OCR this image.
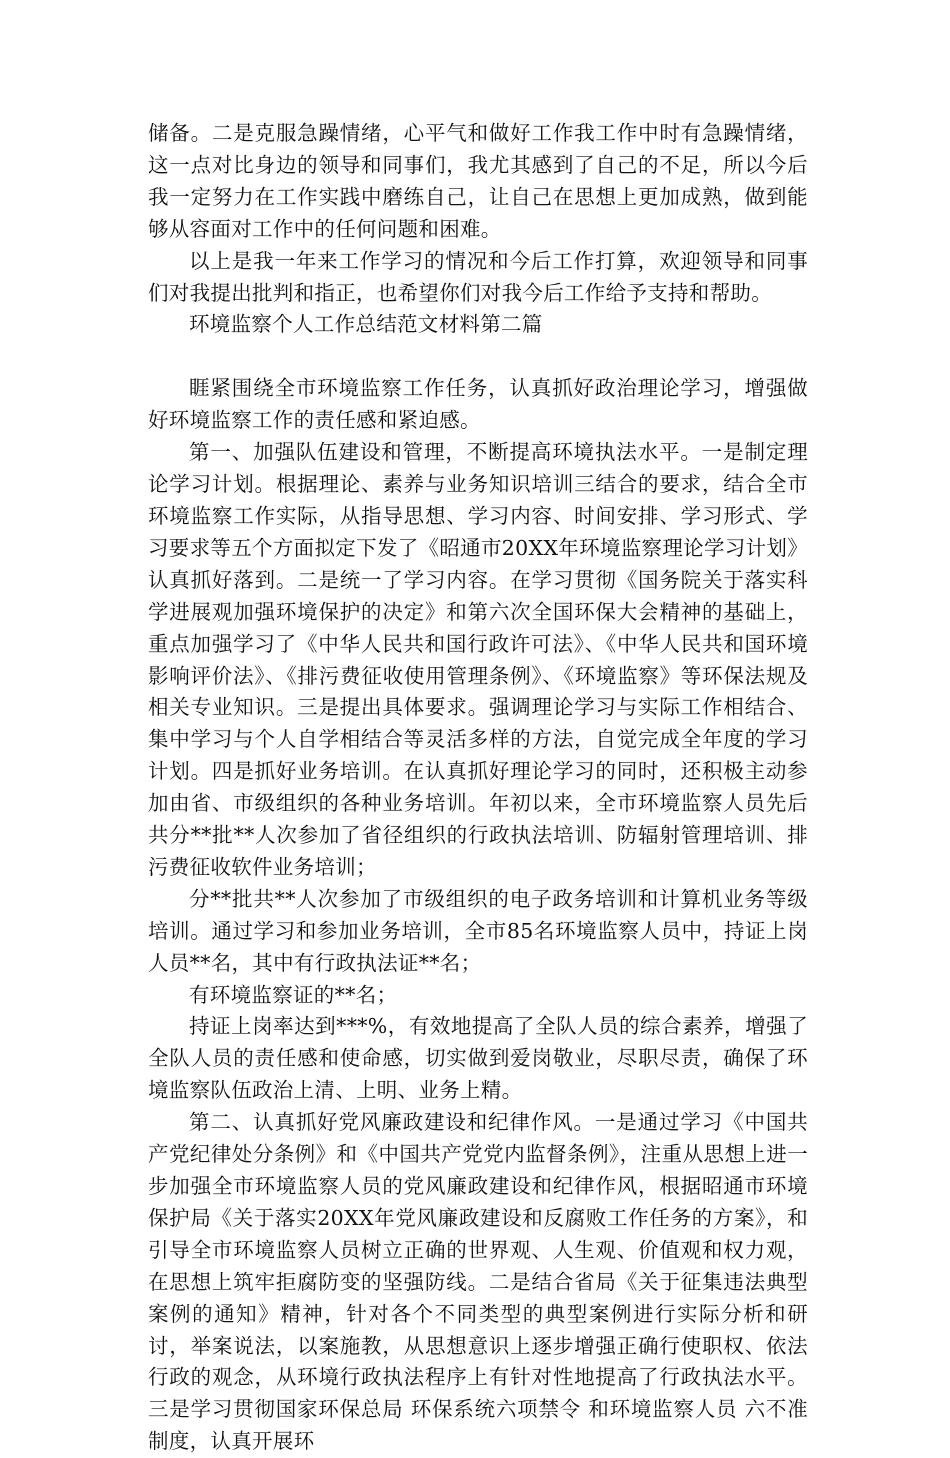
储备。二是克服急躁情绪，心平气和做好工作我工作中时有急躁情绪，这一点对比身边的领导和同事们，我尤其感到了自己的不足，所以今后我一定努力在工作实践中磨练自己，让自己在思想上更加成熟，做到能够从容面对工作中的任何问题和困难。

以上是我一年来工作学习的情况和今后工作打算，欢迎领导和同事们对我提出批判和指正，也希望你们对我今后工作给予支持和帮助。

环境监察个人工作总结范文材料第二篇

睚紧围绕全市环境监察工作任务，认真抓好政治理论学习，增强做好环境监察工作的责任感和紧迫感。

第一、加强队伍建设和管理，不断提高环境执法水平。一是制定理论学习计划。根据理论、素养与业务知识培训三结合的要求，结合全市环境监察工作实际，从指导思想、学习内容、时间安排、学习形式、学习要求等五个方面拟定下发了《昭通市20XX年环境监察理论学习计划》认真抓好落到。二是统一了学习内容。在学习贯彻《国务院关于落实科学进展观加强环境保护的决定》和第六次全国环保大会精神的基础上，重点加强学习了《中华人民共和国行政许可法》、《中华人民共和国环境影响评价法》、《排污费征收使用管理条例》、《环境监察》等环保法规及相关专业知识。三是提出具体要求。强调理论学习与实际工作相结合、集中学习与个人自学相结合等灵活多样的方法，自觉完成全年度的学习计划。四是抓好业务培训。在认真抓好理论学习的同时，还积极主动参加由省、市级组织的各种业务培训。年初以来，全市环境监察人员先后共分**批**人次参加了省径组织的行政执法培训、防辐射管理培训、排污费征收软件业务培训；

分**批共**人次参加了市级组织的电子政务培训和计算机业务等级培训。通过学习和参加业务培训，全市85名环境监察人员中，持证上岗人员**名，其中有行政执法证**名；

有环境监察证的**名；

持证上岗率达到***%，有效地提高了全队人员的综合素养，增强了全队人员的责任感和使命感，切实做到爱岗敬业，尽职尽责，确保了环境监察队伍政治上清、上明、业务上精。

第二、认真抓好党风廉政建设和纪律作风。一是通过学习《中国共产党纪律处分条例》和《中国共产党党内监督条例》，注重从思想上进一步加强全市环境监察人员的党风廉政建设和纪律作风，根据昭通市环境保护局《关于落实20XX年党风廉政建设和反腐败工作任务的方案》，和引导全市环境监察人员树立正确的世界观、人生观、价值观和权力观，在思想上筑牢拒腐防变的坚强防线。二是结合省局《关于征集违法典型案例的通知》精神，针对各个不同类型的典型案例进行实际分析和研讨，举案说法，以案施教，从思想意识上逐步增强正确行使职权、依法行政的观念，从环境行政执法程序上有针对性地提高了行政执法水平。三是学习贯彻国家环保总局 环保系统六项禁令 和环境监察人员 六不准 制度，认真开展环
